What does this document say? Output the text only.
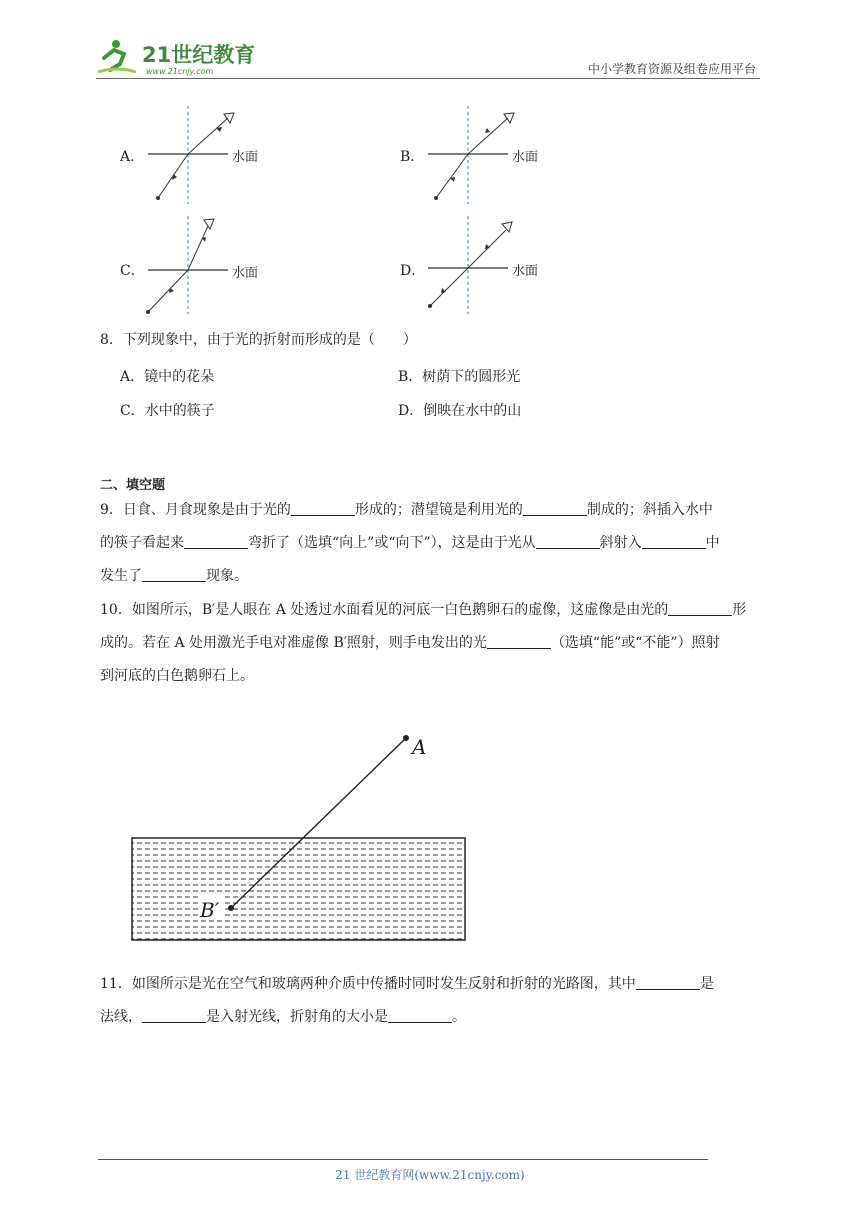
21世纪教育
www.21cnjy.com	中小学教育资源及组卷应用平台
A．	水面	B．	水面
C．	水面	D．	水面
8．下列现象中，由于光的折射而形成的是（　　）
A．镜中的花朵	B．树荫下的圆形光
C．水中的筷子	D．倒映在水中的山
二、填空题
9．日食、月食现象是由于光的	形成的；潜望镜是利用光的	制成的；斜插入水中
的筷子看起来	弯折了（选填“向上”或“向下”），这是由于光从	斜射入	中
发生了	现象。
10．如图所示，B′是人眼在 A 处透过水面看见的河底一白色鹅卵石的虚像，这虚像是由光的	形
成的。若在 A 处用激光手电对准虚像 B′照射，则手电发出的光	（选填“能”或“不能”）照射
到河底的白色鹅卵石上。
A
B′
11．如图所示是光在空气和玻璃两种介质中传播时同时发生反射和折射的光路图，其中	是
法线，	是入射光线，折射角的大小是	。
21 世纪教育网(www.21cnjy.com)
